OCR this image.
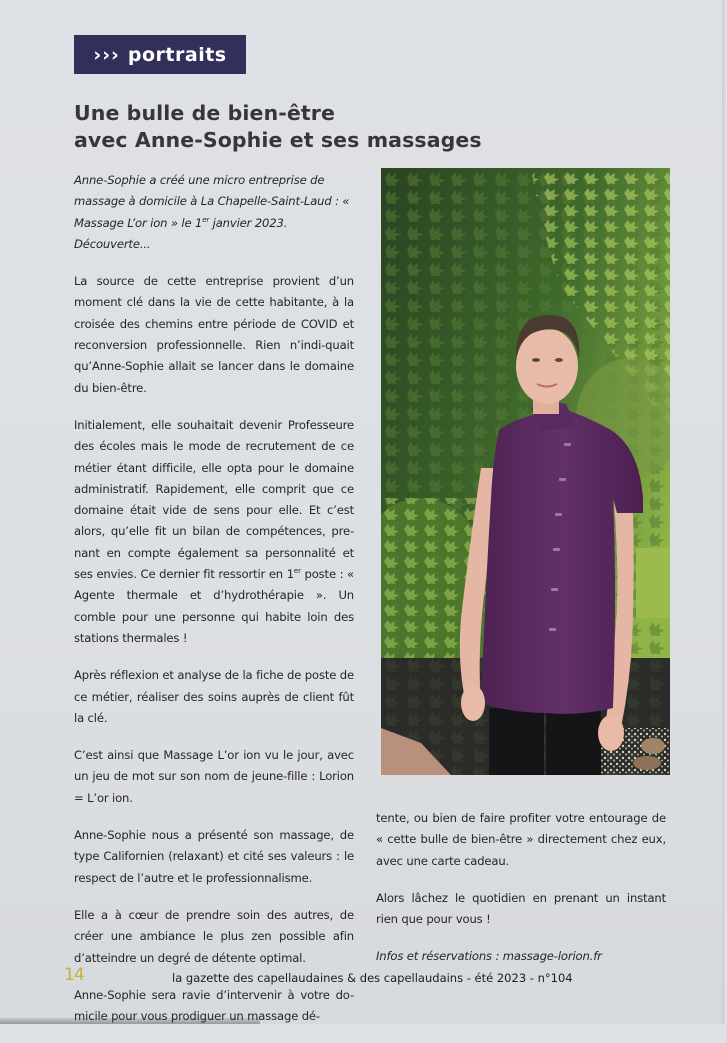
››› portraits
Une bulle de bien-être
avec Anne-Sophie et ses massages

Anne-Sophie a créé une micro entreprise de massage à domicile à La Chapelle-Saint-Laud : « Massage L’or ion » le 1er janvier 2023. Découverte...

La source de cette entreprise provient d’un moment clé dans la vie de cette habitante, à la croisée des chemins entre période de COVID et reconversion professionnelle. Rien n’indi-quait qu’Anne-Sophie allait se lancer dans le domaine du bien-être.

Initialement, elle souhaitait devenir Professeure des écoles mais le mode de recrutement de ce métier étant difficile, elle opta pour le domaine administratif. Rapidement, elle comprit que ce domaine était vide de sens pour elle. Et c’est alors, qu’elle fit un bilan de compétences, pre-nant en compte également sa personnalité et ses envies. Ce dernier fit ressortir en 1er poste : « Agente thermale et d’hydrothérapie ». Un comble pour une personne qui habite loin des stations thermales !

Après réflexion et analyse de la fiche de poste de ce métier, réaliser des soins auprès de client fût la clé.

C’est ainsi que Massage L’or ion vu le jour, avec un jeu de mot sur son nom de jeune-fille : Lorion = L’or ion.

Anne-Sophie nous a présenté son massage, de type Californien (relaxant) et cité ses valeurs : le respect de l’autre et le professionnalisme.

Elle a à cœur de prendre soin des autres, de créer une ambiance le plus zen possible afin d’atteindre un degré de détente optimal.

Anne-Sophie sera ravie d’intervenir à votre do-micile pour vous prodiguer un massage dé-

tente, ou bien de faire profiter votre entourage de « cette bulle de bien-être » directement chez eux, avec une carte cadeau.

Alors lâchez le quotidien en prenant un instant rien que pour vous !

Infos et réservations : massage-lorion.fr

14	la gazette des capellaudaines & des capellaudains - été 2023 - n°104
